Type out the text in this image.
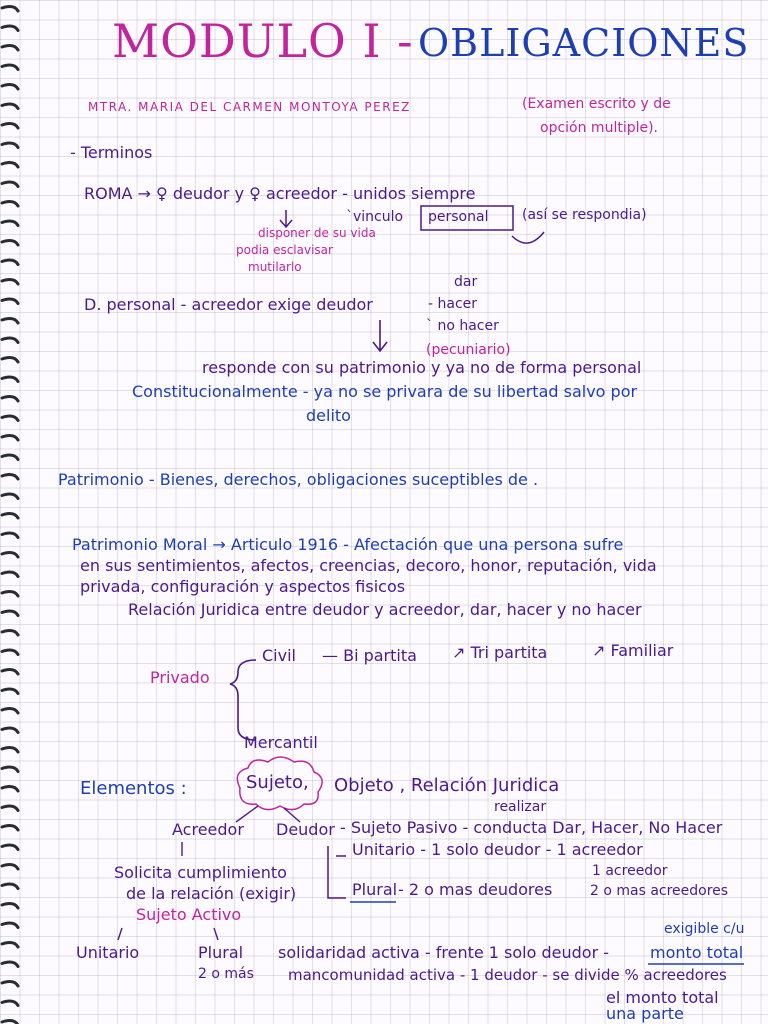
MODULO I - OBLIGACIONES
MTRA. MARIA DEL CARMEN MONTOYA PEREZ	(Examen escrito y de
opción multiple).
- Terminos
ROMA → ♀ deudor y ♀ acreedor - unidos siempre
`vinculo personal (así se respondia)
disponer de su vida
podia esclavisar
mutilarlo
D. personal - acreedor exige deudor
dar
- hacer
` no hacer
(pecuniario)
responde con su patrimonio y ya no de forma personal
Constitucionalmente - ya no se privara de su libertad salvo por
delito
Patrimonio - Bienes, derechos, obligaciones suceptibles de .
Patrimonio Moral → Articulo 1916 - Afectación que una persona sufre
en sus sentimientos, afectos, creencias, decoro, honor, reputación, vida
privada, configuración y aspectos fisicos
Relación Juridica entre deudor y acreedor, dar, hacer y no hacer
Privado
Civil — Bi partita ↗ Tri partita	↗ Familiar
Mercantil
Elementos :	Sujeto, Objeto , Relación Juridica
realizar
Acreedor Deudor - Sujeto Pasivo - conducta Dar, Hacer, No Hacer
Unitario - 1 solo deudor - 1 acreedor
Plural - 2 o mas deudores
1 acreedor
2 o mas acreedores
Solicita cumplimiento
de la relación (exigir)
Sujeto Activo
exigible c/u
Unitario	Plural
2 o más
solidaridad activa - frente 1 solo deudor -	monto total
mancomunidad activa - 1 deudor - se divide % acreedores
el monto total
una parte
